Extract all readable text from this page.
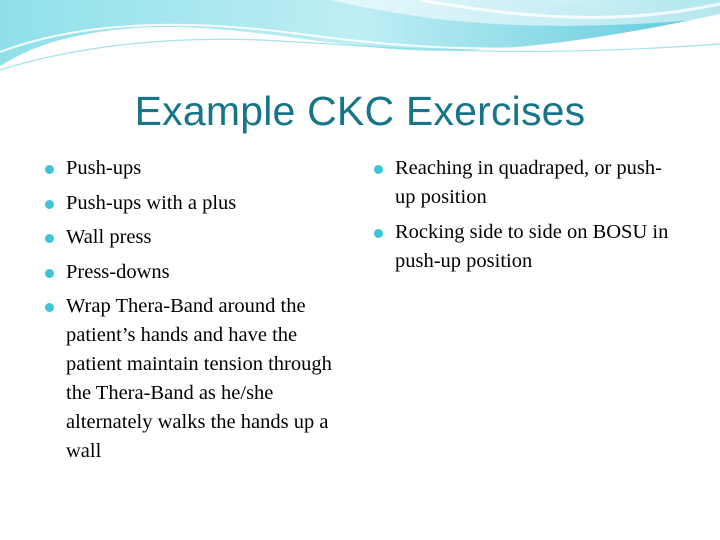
Example CKC Exercises
Push-ups
Push-ups with a plus
Wall press
Press-downs
Wrap Thera-Band around the patient’s hands and have the patient maintain tension through the Thera-Band as he/she alternately walks the hands up a wall
Reaching in quadraped, or push-up position
Rocking side to side on BOSU in push-up position
